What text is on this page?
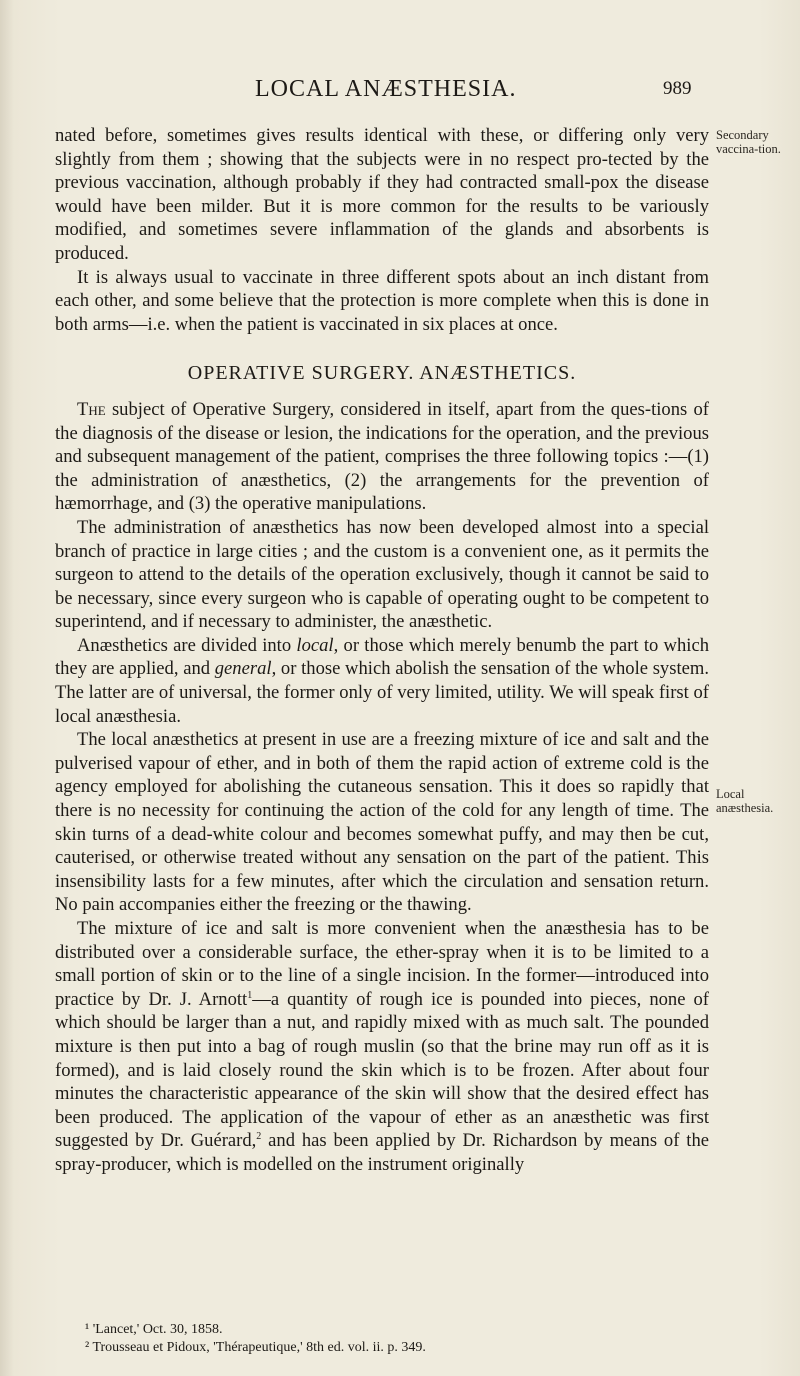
LOCAL ANÆSTHESIA.	989
Secondary vaccina-tion.
Local anæsthesia.

nated before, sometimes gives results identical with these, or differing only very slightly from them ; showing that the subjects were in no respect pro-tected by the previous vaccination, although probably if they had contracted small-pox the disease would have been milder. But it is more common for the results to be variously modified, and sometimes severe inflammation of the glands and absorbents is produced.

It is always usual to vaccinate in three different spots about an inch distant from each other, and some believe that the protection is more complete when this is done in both arms—i.e. when the patient is vaccinated in six places at once.

OPERATIVE SURGERY. ANÆSTHETICS.

The subject of Operative Surgery, considered in itself, apart from the ques-tions of the diagnosis of the disease or lesion, the indications for the operation, and the previous and subsequent management of the patient, comprises the three following topics :—(1) the administration of anæsthetics, (2) the arrangements for the prevention of hæmorrhage, and (3) the operative manipulations.

The administration of anæsthetics has now been developed almost into a special branch of practice in large cities ; and the custom is a convenient one, as it permits the surgeon to attend to the details of the operation exclusively, though it cannot be said to be necessary, since every surgeon who is capable of operating ought to be competent to superintend, and if necessary to administer, the anæsthetic.

Anæsthetics are divided into local, or those which merely benumb the part to which they are applied, and general, or those which abolish the sensation of the whole system. The latter are of universal, the former only of very limited, utility. We will speak first of local anæsthesia.

The local anæsthetics at present in use are a freezing mixture of ice and salt and the pulverised vapour of ether, and in both of them the rapid action of extreme cold is the agency employed for abolishing the cutaneous sensation. This it does so rapidly that there is no necessity for continuing the action of the cold for any length of time. The skin turns of a dead-white colour and becomes somewhat puffy, and may then be cut, cauterised, or otherwise treated without any sensation on the part of the patient. This insensibility lasts for a few minutes, after which the circulation and sensation return. No pain accompanies either the freezing or the thawing.

The mixture of ice and salt is more convenient when the anæsthesia has to be distributed over a considerable surface, the ether-spray when it is to be limited to a small portion of skin or to the line of a single incision. In the former—introduced into practice by Dr. J. Arnott$^1$—a quantity of rough ice is pounded into pieces, none of which should be larger than a nut, and rapidly mixed with as much salt. The pounded mixture is then put into a bag of rough muslin (so that the brine may run off as it is formed), and is laid closely round the skin which is to be frozen. After about four minutes the characteristic appearance of the skin will show that the desired effect has been produced. The application of the vapour of ether as an anæsthetic was first suggested by Dr. Guérard,$^2$ and has been applied by Dr. Richardson by means of the spray-producer, which is modelled on the instrument originally

¹ 'Lancet,' Oct. 30, 1858.
² Trousseau et Pidoux, 'Thérapeutique,' 8th ed. vol. ii. p. 349.
